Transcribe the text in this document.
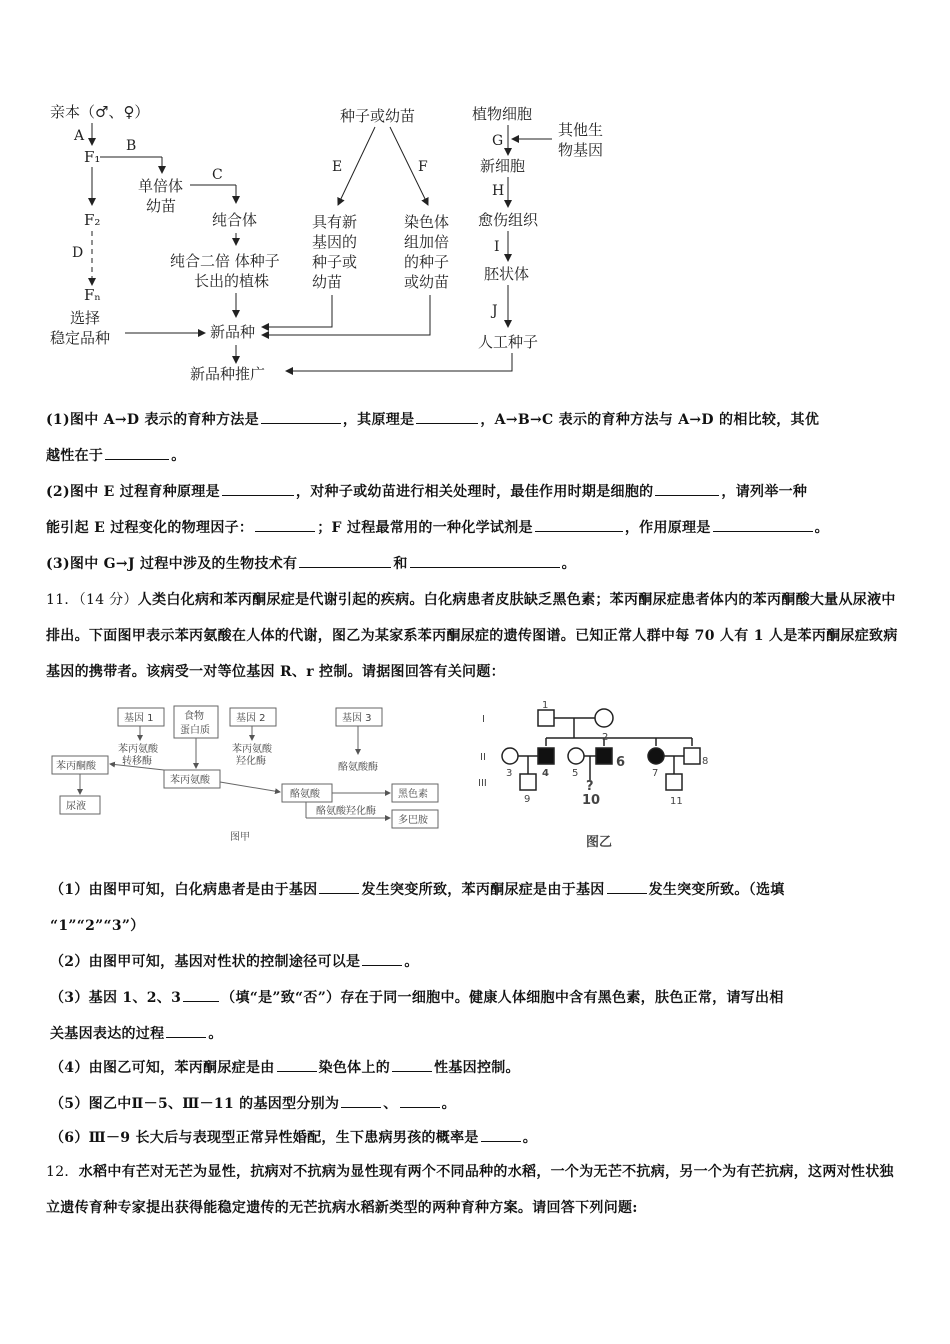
亲本（♂、♀）
A
F₁
F₂
D
Fₙ
选择
稳定品种
B
单倍体
幼苗
C
纯合体
纯合二倍 体种子
长出的植株
种子或幼苗
E	F
具有新
基因的
种子或
幼苗
染色体
组加倍
的种子
或幼苗
新品种
新品种推广
植物细胞
G
其他生
物基因
新细胞
H
愈伤组织
I
胚状体
J
人工种子
(1)图中 A→D 表示的育种方法是	，其原理是	，A→B→C 表示的育种方法与 A→D 的相比较，其优
越性在于	。
(2)图中 E 过程育种原理是	，对种子或幼苗进行相关处理时，最佳作用时期是细胞的	，请列举一种
能引起 E 过程变化的物理因子：	；F 过程最常用的一种化学试剂是	，作用原理是	。
(3)图中 G→J 过程中涉及的生物技术有	和	。
11．（14 分）人类白化病和苯丙酮尿症是代谢引起的疾病。白化病患者皮肤缺乏黑色素；苯丙酮尿症患者体内的苯丙酮酸大量从尿液中排出。下面图甲表示苯丙氨酸在人体的代谢，图乙为某家系苯丙酮尿症的遗传图谱。已知正常人群中每 70 人有 1 人是苯丙酮尿症致病基因的携带者。该病受一对等位基因 R、r 控制。请据图回答有关问题：
基因 1	食物
蛋白质
基因 2	基因 3
苯丙氨酸
转移酶
苯丙氨酸
羟化酶
苯丙酮酸
苯丙氨酸
酪氨酸
酪氨酸酶
黑色素
尿液	酪氨酸羟化酶
多巴胺
图甲
I
II
III
1
2
3	4 5
6
7
8
9
?
10	11
图乙
（1）由图甲可知，白化病患者是由于基因	发生突变所致，苯丙酮尿症是由于基因	发生突变所致。（选填
“1”“2”“3”）
（2）由图甲可知，基因对性状的控制途径可以是	。
（3）基因 1、2、3	（填“是”致“否”）存在于同一细胞中。健康人体细胞中含有黑色素，肤色正常，请写出相
关基因表达的过程	。
（4）由图乙可知，苯丙酮尿症是由	染色体上的	性基因控制。
（5）图乙中Ⅱ－5、Ⅲ－11 的基因型分别为	、	。
（6）Ⅲ－9 长大后与表现型正常异性婚配，生下患病男孩的概率是	。
12．水稻中有芒对无芒为显性，抗病对不抗病为显性现有两个不同品种的水稻，一个为无芒不抗病，另一个为有芒抗病，这两对性状独立遗传育种专家提出获得能稳定遗传的无芒抗病水稻新类型的两种育种方案。请回答下列问题:
